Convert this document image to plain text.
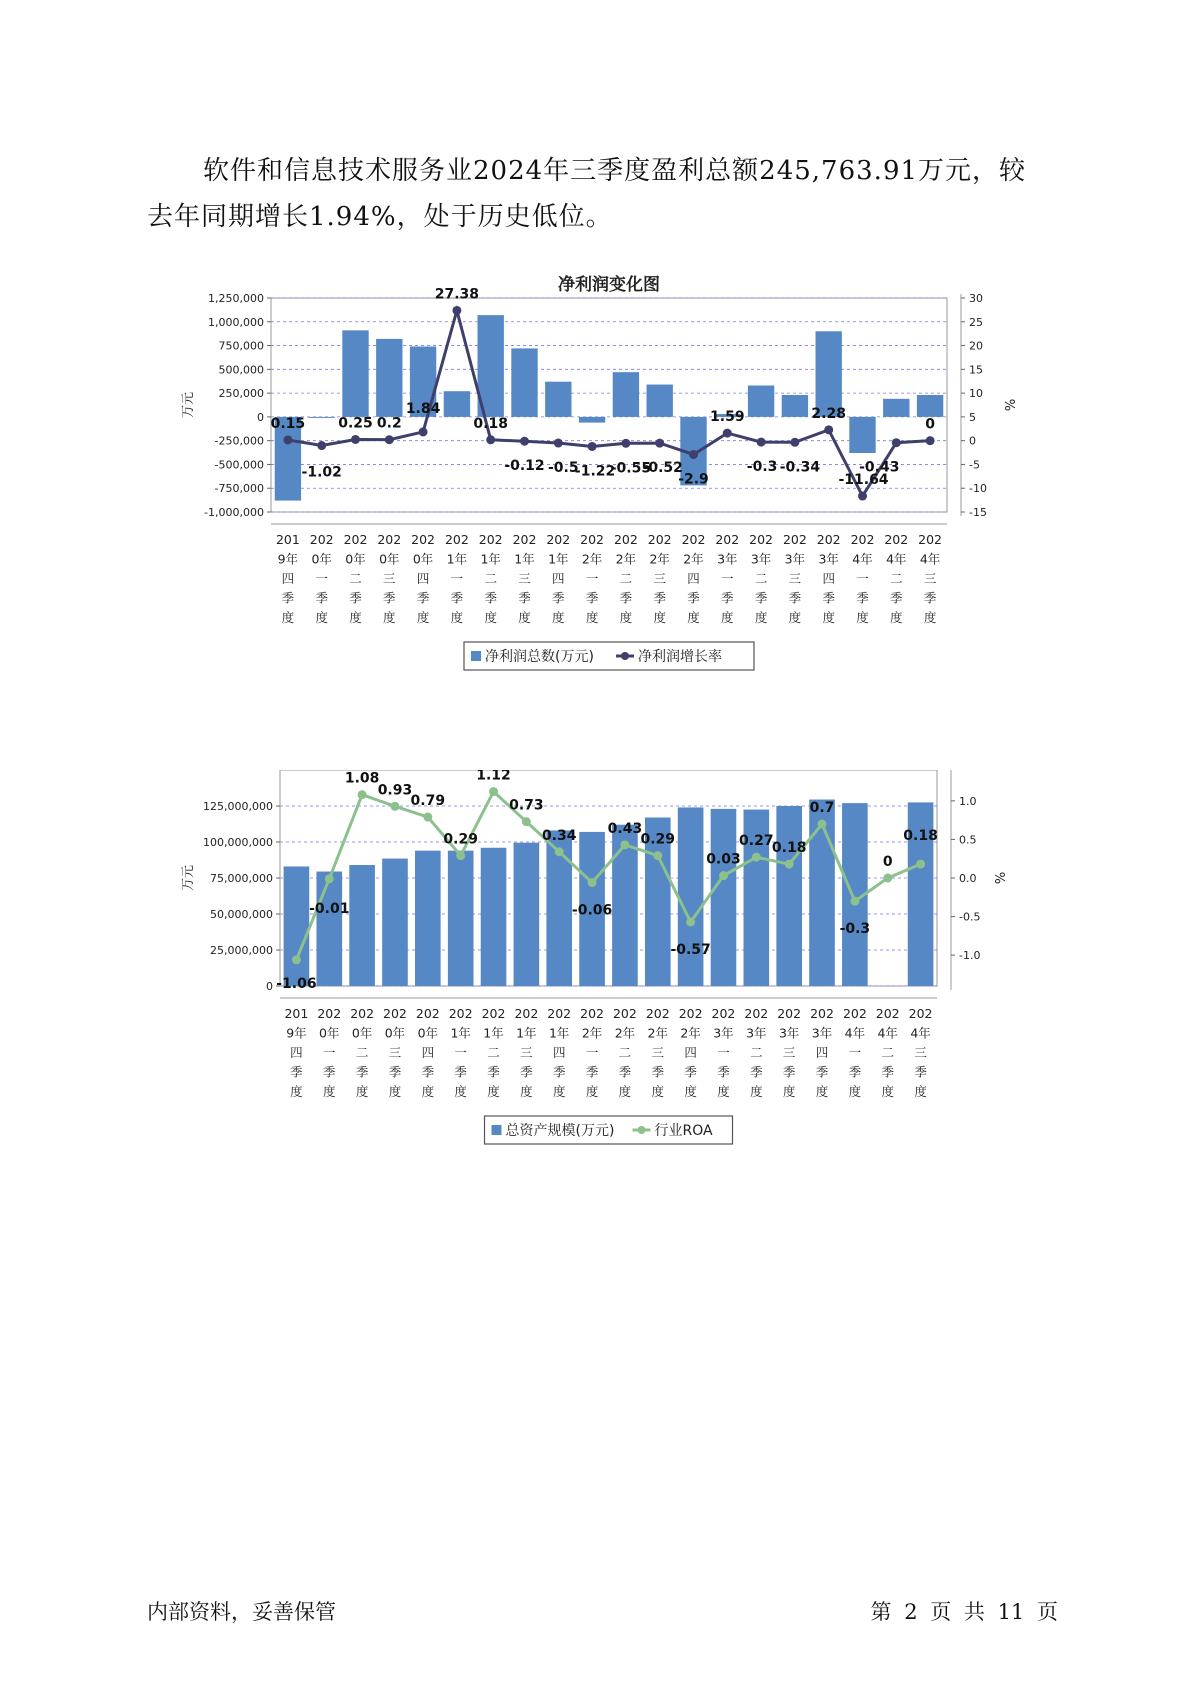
软件和信息技术服务业2024年三季度盈利总额245,763.91万元，较去年同期增长1.94%，处于历史低位。

净利润变化图
1,250,000
1,000,000
750,000
500,000
250,000
0
-250,000
-500,000
-750,000
-1,000,000
30
25
20
15
10
5
0
-5
-10
-15
万元	%
0.15
-1.02
0.25 0.2
1.84
27.38
0.18
-0.12 -0.5
-1.22
-0.55
-0.52
-2.9
1.59
-0.3 -0.34
2.28
-11.64
-0.43
0
201 9年四季度
202 0年一季度
202 0年二季度
202 0年三季度
202 0年四季度
202 1年一季度
202 1年二季度
202 1年三季度
202 1年四季度
202 2年一季度
202 2年二季度
202 2年三季度
202 2年四季度
202 3年一季度
202 3年二季度
202 3年三季度
202 3年四季度
202 4年一季度
202 4年二季度
202 4年三季度
净利润总数(万元)	净利润增长率
125,000,000
100,000,000
75,000,000
50,000,000
25,000,000
0
1.0
0.5
0.0
-0.5
-1.0
万元	%
-1.06
-0.01
1.08
0.93
0.79
0.29
1.12
0.73
0.34
-0.06
0.43
0.29
-0.57
0.03
0.27
0.18
0.7
-0.3
0
0.18
201 9年四季度
202 0年一季度
202 0年二季度
202 0年三季度
202 0年四季度
202 1年一季度
202 1年二季度
202 1年三季度
202 1年四季度
202 2年一季度
202 2年二季度
202 2年三季度
202 2年四季度
202 3年一季度
202 3年二季度
202 3年三季度
202 3年四季度
202 4年一季度
202 4年二季度
202 4年三季度
总资产规模(万元)	行业ROA
内部资料，妥善保管	第 2 页 共 11 页
